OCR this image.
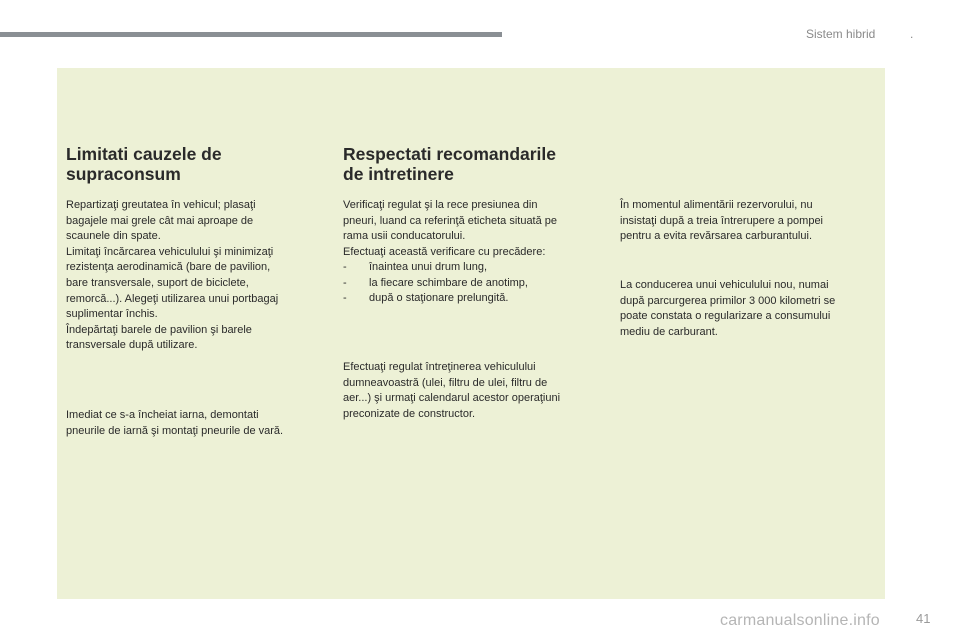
Sistem hibrid	.
Limitati cauzele de
supraconsum

Repartizaţi greutatea în vehicul; plasaţi
bagajele mai grele cât mai aproape de
scaunele din spate.
Limitaţi încărcarea vehiculului şi minimizaţi
rezistenţa aerodinamică (bare de pavilion,
bare transversale, suport de biciclete,
remorcă...). Alegeţi utilizarea unui portbagaj
suplimentar închis.
Îndepărtaţi barele de pavilion şi barele
transversale după utilizare.

Imediat ce s-a încheiat iarna, demontati
pneurile de iarnă şi montaţi pneurile de vară.

Respectati recomandarile
de intretinere

Verificaţi regulat şi la rece presiunea din
pneuri, luand ca referinţă eticheta situată pe
rama usii conducatorului.
Efectuaţi această verificare cu precădere:

-	înaintea unui drum lung,
-	la fiecare schimbare de anotimp,
-	după o staţionare prelungită.

Efectuaţi regulat întreţinerea vehiculului
dumneavoastră (ulei, filtru de ulei, filtru de
aer...) şi urmaţi calendarul acestor operaţiuni
preconizate de constructor.

În momentul alimentării rezervorului, nu
insistaţi după a treia întrerupere a pompei
pentru a evita revărsarea carburantului.

La conducerea unui vehiculului nou, numai
după parcurgerea primilor 3 000 kilometri se
poate constata o regularizare a consumului
mediu de carburant.

carmanualsonline.info	41
